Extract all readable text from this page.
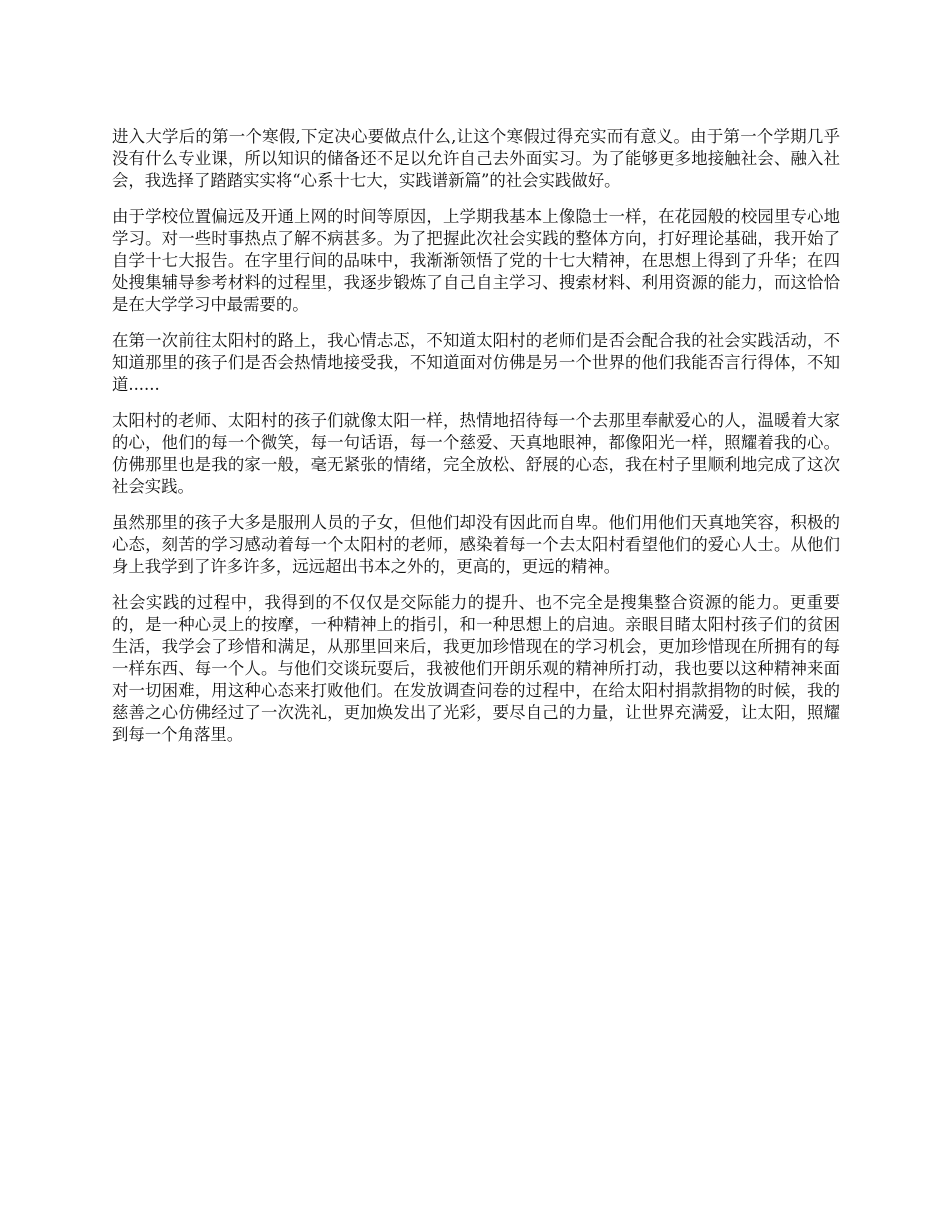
进入大学后的第一个寒假,下定决心要做点什么,让这个寒假过得充实而有意义。由于第一个学期几乎没有什么专业课，所以知识的储备还不足以允许自己去外面实习。为了能够更多地接触社会、融入社会，我选择了踏踏实实将“心系十七大，实践谱新篇”的社会实践做好。

由于学校位置偏远及开通上网的时间等原因，上学期我基本上像隐士一样，在花园般的校园里专心地学习。对一些时事热点了解不病甚多。为了把握此次社会实践的整体方向，打好理论基础，我开始了自学十七大报告。在字里行间的品味中，我渐渐领悟了党的十七大精神，在思想上得到了升华；在四处搜集辅导参考材料的过程里，我逐步锻炼了自己自主学习、搜索材料、利用资源的能力，而这恰恰是在大学学习中最需要的。

在第一次前往太阳村的路上，我心情忐忑，不知道太阳村的老师们是否会配合我的社会实践活动，不知道那里的孩子们是否会热情地接受我，不知道面对仿佛是另一个世界的他们我能否言行得体，不知道......

太阳村的老师、太阳村的孩子们就像太阳一样，热情地招待每一个去那里奉献爱心的人，温暖着大家的心，他们的每一个微笑，每一句话语，每一个慈爱、天真地眼神，都像阳光一样，照耀着我的心。仿佛那里也是我的家一般，毫无紧张的情绪，完全放松、舒展的心态，我在村子里顺利地完成了这次社会实践。

虽然那里的孩子大多是服刑人员的子女，但他们却没有因此而自卑。他们用他们天真地笑容，积极的心态，刻苦的学习感动着每一个太阳村的老师，感染着每一个去太阳村看望他们的爱心人士。从他们身上我学到了许多许多，远远超出书本之外的，更高的，更远的精神。

社会实践的过程中，我得到的不仅仅是交际能力的提升、也不完全是搜集整合资源的能力。更重要的，是一种心灵上的按摩，一种精神上的指引，和一种思想上的启迪。亲眼目睹太阳村孩子们的贫困生活，我学会了珍惜和满足，从那里回来后，我更加珍惜现在的学习机会，更加珍惜现在所拥有的每一样东西、每一个人。与他们交谈玩耍后，我被他们开朗乐观的精神所打动，我也要以这种精神来面对一切困难，用这种心态来打败他们。在发放调查问卷的过程中，在给太阳村捐款捐物的时候，我的慈善之心仿佛经过了一次洗礼，更加焕发出了光彩，要尽自己的力量，让世界充满爱，让太阳，照耀到每一个角落里。
